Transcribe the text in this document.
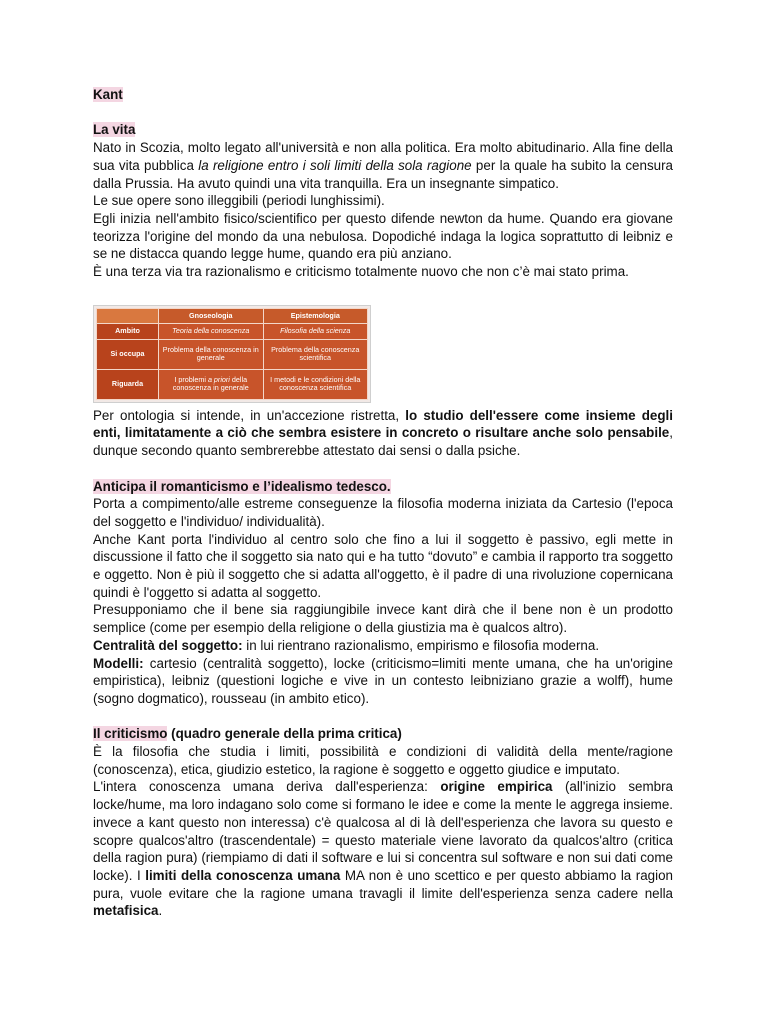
Kant

La vita

Nato in Scozia, molto legato all'università e non alla politica. Era molto abitudinario. Alla fine della sua vita pubblica la religione entro i soli limiti della sola ragione per la quale ha subito la censura dalla Prussia. Ha avuto quindi una vita tranquilla. Era un insegnante simpatico.

Le sue opere sono illeggibili (periodi lunghissimi).

Egli inizia nell'ambito fisico/scientifico per questo difende newton da hume. Quando era giovane teorizza l'origine del mondo da una nebulosa. Dopodiché indaga la logica soprattutto di leibniz e se ne distacca quando legge hume, quando era più anziano.

È una terza via tra razionalismo e criticismo totalmente nuovo che non c’è mai stato prima.

	Gnoseologia	Epistemologia
Ambito	Teoria della conoscenza	Filosofia della scienza
Si occupa	Problema della conoscenza in generale	Problema della conoscenza scientifica
Riguarda	I problemi a priori della conoscenza in generale	I metodi e le condizioni della conoscenza scientifica

Per ontologia si intende, in un'accezione ristretta, lo studio dell'essere come insieme degli enti, limitatamente a ciò che sembra esistere in concreto o risultare anche solo pensabile, dunque secondo quanto sembrerebbe attestato dai sensi o dalla psiche.

Anticipa il romanticismo e l’idealismo tedesco.

Porta a compimento/alle estreme conseguenze la filosofia moderna iniziata da Cartesio (l'epoca del soggetto e l'individuo/ individualità).

Anche Kant porta l'individuo al centro solo che fino a lui il soggetto è passivo, egli mette in discussione il fatto che il soggetto sia nato qui e ha tutto “dovuto” e cambia il rapporto tra soggetto e oggetto. Non è più il soggetto che si adatta all'oggetto, è il padre di una rivoluzione copernicana quindi è l'oggetto si adatta al soggetto.

Presupponiamo che il bene sia raggiungibile invece kant dirà che il bene non è un prodotto semplice (come per esempio della religione o della giustizia ma è qualcos altro).

Centralità del soggetto: in lui rientrano razionalismo, empirismo e filosofia moderna.

Modelli: cartesio (centralità soggetto), locke (criticismo=limiti mente umana, che ha un'origine empiristica), leibniz (questioni logiche e vive in un contesto leibniziano grazie a wolff), hume (sogno dogmatico), rousseau (in ambito etico).

Il criticismo (quadro generale della prima critica)

È la filosofia che studia i limiti, possibilità e condizioni di validità della mente/ragione (conoscenza), etica, giudizio estetico, la ragione è soggetto e oggetto giudice e imputato.

L'intera conoscenza umana deriva dall'esperienza: origine empirica (all'inizio sembra locke/hume, ma loro indagano solo come si formano le idee e come la mente le aggrega insieme. invece a kant questo non interessa) c'è qualcosa al di là dell'esperienza che lavora su questo e scopre qualcos'altro (trascendentale) = questo materiale viene lavorato da qualcos'altro (critica della ragion pura) (riempiamo di dati il software e lui si concentra sul software e non sui dati come locke). I limiti della conoscenza umana MA non è uno scettico e per questo abbiamo la ragion pura, vuole evitare che la ragione umana travagli il limite dell'esperienza senza cadere nella metafisica.
